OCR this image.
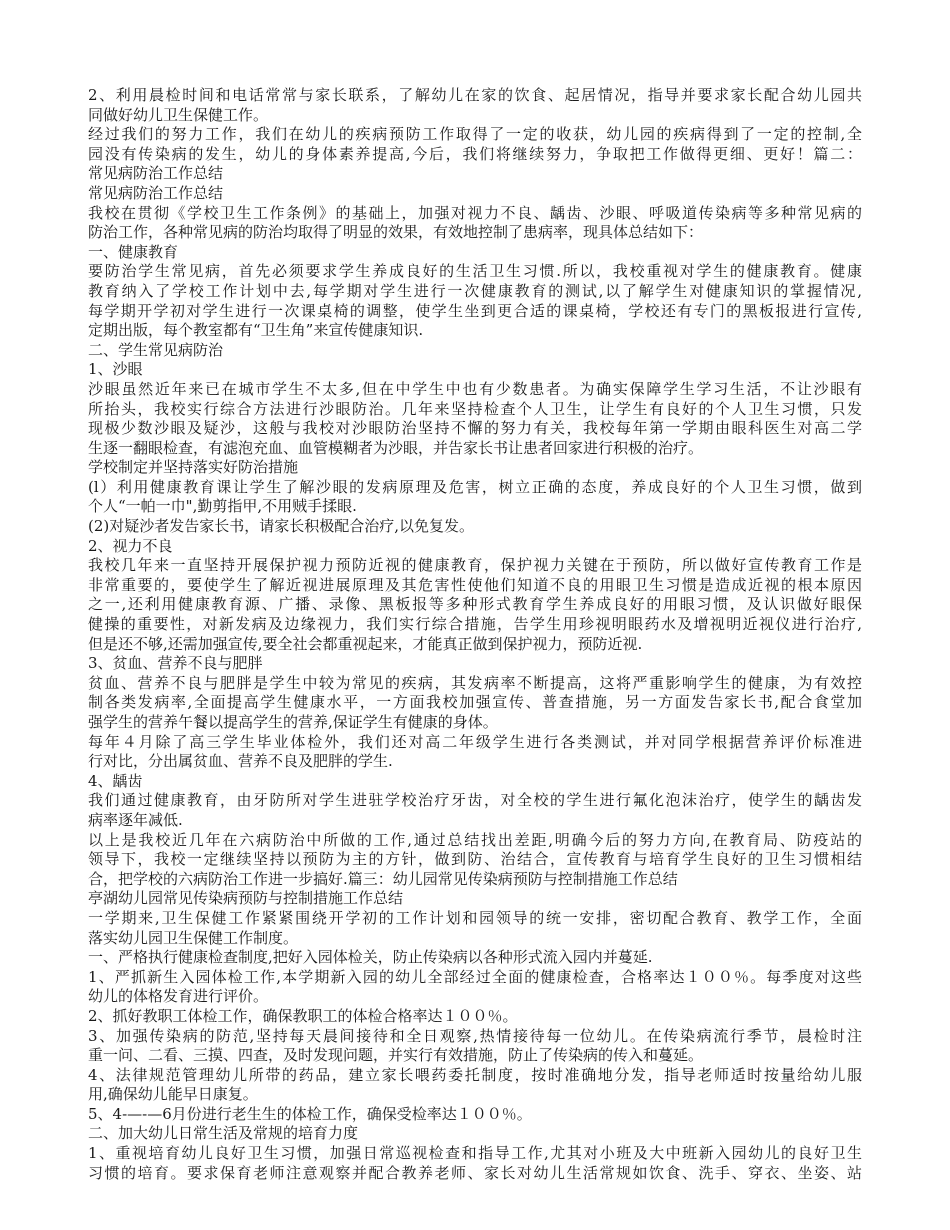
2、利用晨检时间和电话常常与家长联系，了解幼儿在家的饮食、起居情况，指导并要求家长配合幼儿园共
同做好幼儿卫生保健工作。
经过我们的努力工作，我们在幼儿的疾病预防工作取得了一定的收获，幼儿园的疾病得到了一定的控制,全
园没有传染病的发生，幼儿的身体素养提高,今后，我们将继续努力，争取把工作做得更细、更好！篇二：
常见病防治工作总结
常见病防治工作总结
我校在贯彻《学校卫生工作条例》的基础上，加强对视力不良、龋齿、沙眼、呼吸道传染病等多种常见病的
防治工作，各种常见病的防治均取得了明显的效果，有效地控制了患病率，现具体总结如下：
一、健康教育
要防治学生常见病，首先必须要求学生养成良好的生活卫生习惯.所以，我校重视对学生的健康教育。健康
教育纳入了学校工作计划中去,每学期对学生进行一次健康教育的测试,以了解学生对健康知识的掌握情况,
每学期开学初对学生进行一次课桌椅的调整，使学生坐到更合适的课桌椅，学校还有专门的黑板报进行宣传,
定期出版，每个教室都有“卫生角”来宣传健康知识.
二、学生常见病防治
1、沙眼
沙眼虽然近年来已在城市学生不太多,但在中学生中也有少数患者。为确实保障学生学习生活，不让沙眼有
所抬头，我校实行综合方法进行沙眼防治。几年来坚持检查个人卫生，让学生有良好的个人卫生习惯，只发
现极少数沙眼及疑沙，这般与我校对沙眼防治坚持不懈的努力有关，我校每年第一学期由眼科医生对高二学
生逐一翻眼检查，有滤泡充血、血管模糊者为沙眼，并告家长书让患者回家进行积极的治疗。
学校制定并坚持落实好防治措施
(l）利用健康教育课让学生了解沙眼的发病原理及危害，树立正确的态度，养成良好的个人卫生习惯，做到
个人“一帕一巾",勤剪指甲,不用贼手揉眼.
(2)对疑沙者发告家长书，请家长积极配合治疗,以免复发。
2、视力不良
我校几年来一直坚持开展保护视力预防近视的健康教育，保护视力关键在于预防，所以做好宣传教育工作是
非常重要的，要使学生了解近视进展原理及其危害性使他们知道不良的用眼卫生习惯是造成近视的根本原因
之一,还利用健康教育源、广播、录像、黑板报等多种形式教育学生养成良好的用眼习惯，及认识做好眼保
健操的重要性，对新发病及边缘视力，我们实行综合措施，告学生用珍视明眼药水及增视明近视仪进行治疗,
但是还不够,还需加强宣传,要全社会都重视起来，才能真正做到保护视力，预防近视.
3、贫血、营养不良与肥胖
贫血、营养不良与肥胖是学生中较为常见的疾病，其发病率不断提高，这将严重影响学生的健康，为有效控
制各类发病率,全面提高学生健康水平，一方面我校加强宣传、普查措施，另一方面发告家长书,配合食堂加
强学生的营养午餐以提高学生的营养,保证学生有健康的身体。
每年４月除了高三学生毕业体检外，我们还对高二年级学生进行各类测试，并对同学根据营养评价标准进
行对比，分出属贫血、营养不良及肥胖的学生.
4、龋齿
我们通过健康教育，由牙防所对学生进驻学校治疗牙齿，对全校的学生进行氟化泡沫治疗，使学生的龋齿发
病率逐年减低.
以上是我校近几年在六病防治中所做的工作,通过总结找出差距,明确今后的努力方向,在教育局、防疫站的
领导下，我校一定继续坚持以预防为主的方针，做到防、治结合，宣传教育与培育学生良好的卫生习惯相结
合，把学校的六病防治工作进一步搞好.篇三：幼儿园常见传染病预防与控制措施工作总结
亭湖幼儿园常见传染病预防与控制措施工作总结
一学期来,卫生保健工作紧紧围绕开学初的工作计划和园领导的统一安排，密切配合教育、教学工作，全面
落实幼儿园卫生保健工作制度。
一、严格执行健康检查制度,把好入园体检关，防止传染病以各种形式流入园内并蔓延.
1、严抓新生入园体检工作,本学期新入园的幼儿全部经过全面的健康检查，合格率达１００％。每季度对这些
幼儿的体格发育进行评价。
2、抓好教职工体检工作，确保教职工的体检合格率达１００％。
3、加强传染病的防范,坚持每天晨间接待和全日观察,热情接待每一位幼儿。在传染病流行季节，晨检时注
重一问、二看、三摸、四查，及时发现问题，并实行有效措施，防止了传染病的传入和蔓延。
4、法律规范管理幼儿所带的药品，建立家长喂药委托制度，按时准确地分发，指导老师适时按量给幼儿服
用,确保幼儿能早日康复。
5、4-—-—6月份进行老生生的体检工作，确保受检率达１００％。
二、加大幼儿日常生活及常规的培育力度
1、重视培育幼儿良好卫生习惯，加强日常巡视检查和指导工作,尤其对小班及大中班新入园幼儿的良好卫生
习惯的培育。要求保育老师注意观察并配合教养老师、家长对幼儿生活常规如饮食、洗手、穿衣、坐姿、站
